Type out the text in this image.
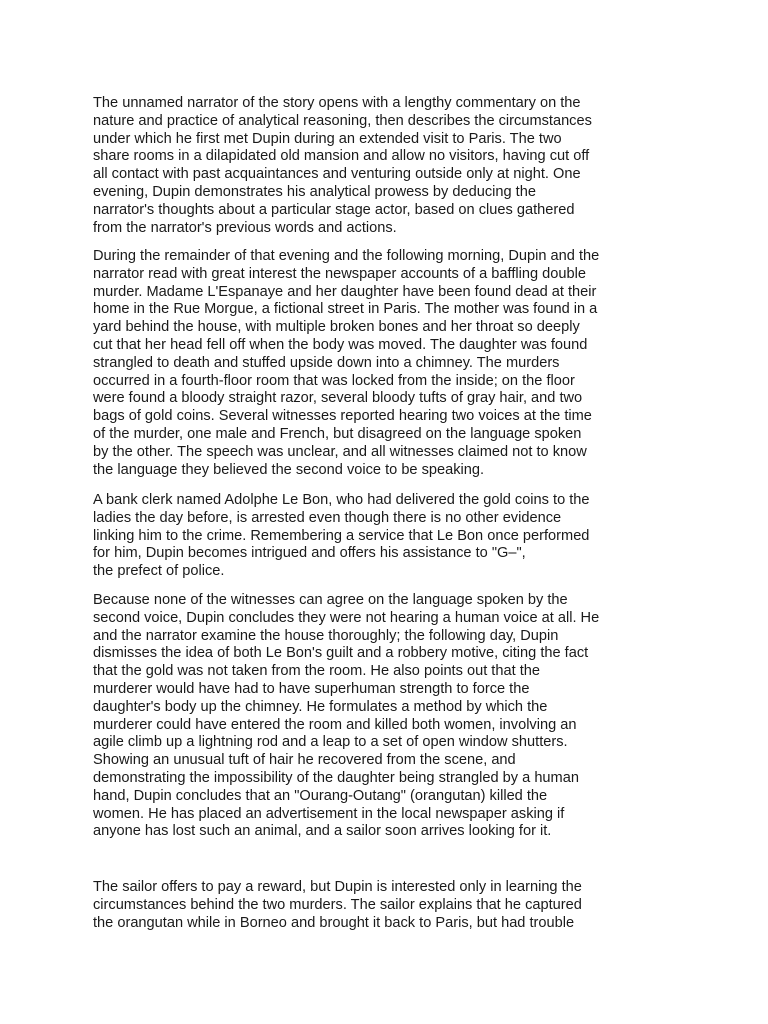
The unnamed narrator of the story opens with a lengthy commentary on the
nature and practice of analytical reasoning, then describes the circumstances
under which he first met Dupin during an extended visit to Paris. The two
share rooms in a dilapidated old mansion and allow no visitors, having cut off
all contact with past acquaintances and venturing outside only at night. One
evening, Dupin demonstrates his analytical prowess by deducing the
narrator's thoughts about a particular stage actor, based on clues gathered
from the narrator's previous words and actions.
During the remainder of that evening and the following morning, Dupin and the
narrator read with great interest the newspaper accounts of a baffling double
murder. Madame L'Espanaye and her daughter have been found dead at their
home in the Rue Morgue, a fictional street in Paris. The mother was found in a
yard behind the house, with multiple broken bones and her throat so deeply
cut that her head fell off when the body was moved. The daughter was found
strangled to death and stuffed upside down into a chimney. The murders
occurred in a fourth-floor room that was locked from the inside; on the floor
were found a bloody straight razor, several bloody tufts of gray hair, and two
bags of gold coins. Several witnesses reported hearing two voices at the time
of the murder, one male and French, but disagreed on the language spoken
by the other. The speech was unclear, and all witnesses claimed not to know
the language they believed the second voice to be speaking.
A bank clerk named Adolphe Le Bon, who had delivered the gold coins to the
ladies the day before, is arrested even though there is no other evidence
linking him to the crime. Remembering a service that Le Bon once performed
for him, Dupin becomes intrigued and offers his assistance to "G–",
the prefect of police.
Because none of the witnesses can agree on the language spoken by the
second voice, Dupin concludes they were not hearing a human voice at all. He
and the narrator examine the house thoroughly; the following day, Dupin
dismisses the idea of both Le Bon's guilt and a robbery motive, citing the fact
that the gold was not taken from the room. He also points out that the
murderer would have had to have superhuman strength to force the
daughter's body up the chimney. He formulates a method by which the
murderer could have entered the room and killed both women, involving an
agile climb up a lightning rod and a leap to a set of open window shutters.
Showing an unusual tuft of hair he recovered from the scene, and
demonstrating the impossibility of the daughter being strangled by a human
hand, Dupin concludes that an "Ourang-Outang" (orangutan) killed the
women. He has placed an advertisement in the local newspaper asking if
anyone has lost such an animal, and a sailor soon arrives looking for it.
The sailor offers to pay a reward, but Dupin is interested only in learning the
circumstances behind the two murders. The sailor explains that he captured
the orangutan while in Borneo and brought it back to Paris, but had trouble
